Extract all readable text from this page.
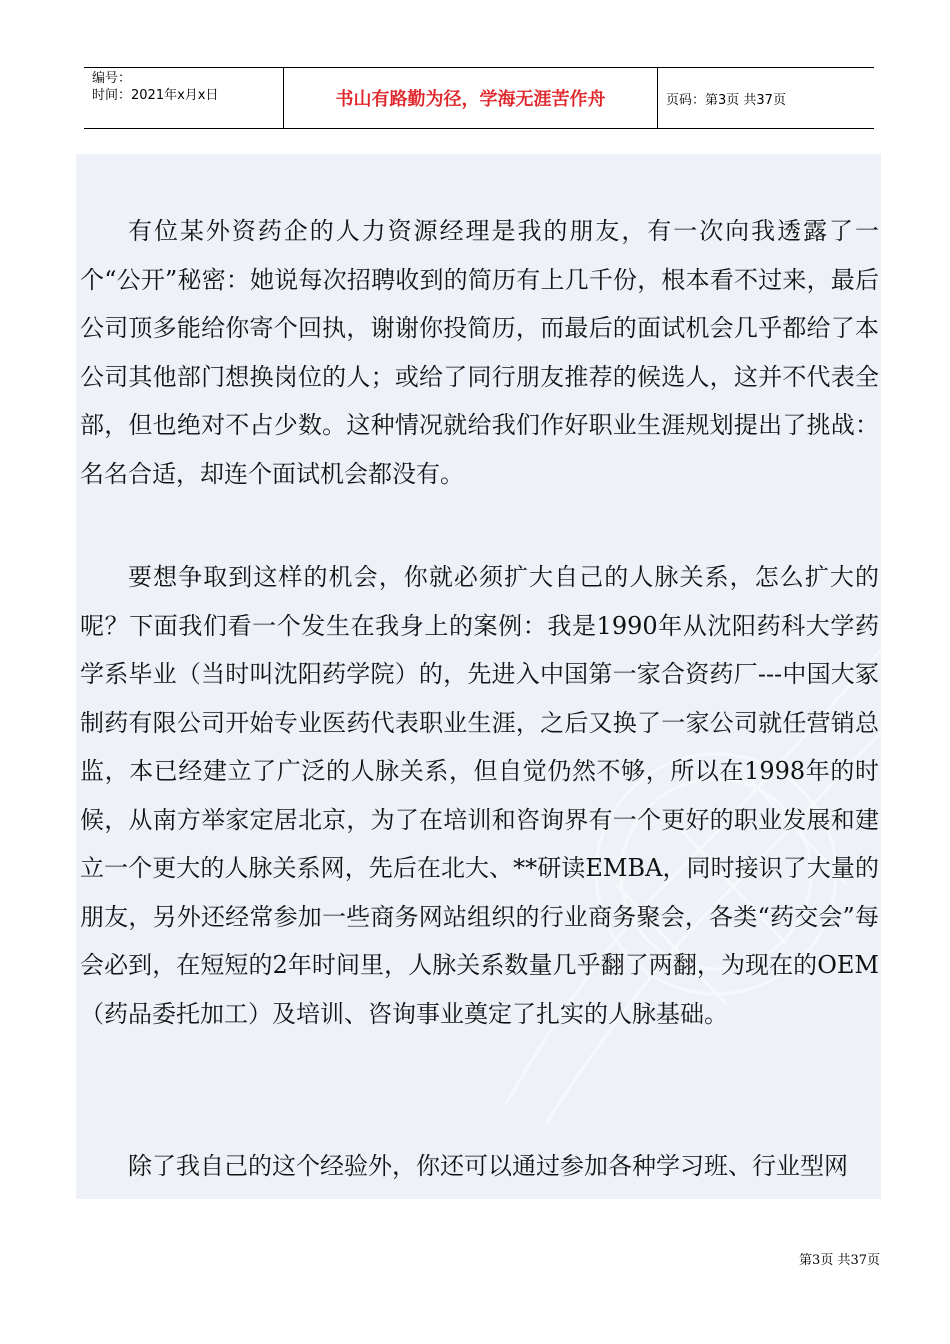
编号：
时间：2021年x月x日	书山有路勤为径，学海无涯苦作舟	页码：第3页 共37页

有位某外资药企的人力资源经理是我的朋友，有一次向我透露了一个“公开”秘密：她说每次招聘收到的简历有上几千份，根本看不过来，最后公司顶多能给你寄个回执，谢谢你投简历，而最后的面试机会几乎都给了本公司其他部门想换岗位的人；或给了同行朋友推荐的候选人，这并不代表全部，但也绝对不占少数。这种情况就给我们作好职业生涯规划提出了挑战：名名合适，却连个面试机会都没有。

要想争取到这样的机会，你就必须扩大自己的人脉关系，怎么扩大的呢？下面我们看一个发生在我身上的案例：我是1990年从沈阳药科大学药学系毕业（当时叫沈阳药学院）的，先进入中国第一家合资药厂---中国大冢制药有限公司开始专业医药代表职业生涯，之后又换了一家公司就任营销总监，本已经建立了广泛的人脉关系，但自觉仍然不够，所以在1998年的时候，从南方举家定居北京，为了在培训和咨询界有一个更好的职业发展和建立一个更大的人脉关系网，先后在北大、**研读EMBA，同时接识了大量的朋友，另外还经常参加一些商务网站组织的行业商务聚会，各类“药交会”每会必到，在短短的2年时间里，人脉关系数量几乎翻了两翻，为现在的OEM（药品委托加工）及培训、咨询事业奠定了扎实的人脉基础。

除了我自己的这个经验外，你还可以通过参加各种学习班、行业型网

第3页 共37页
